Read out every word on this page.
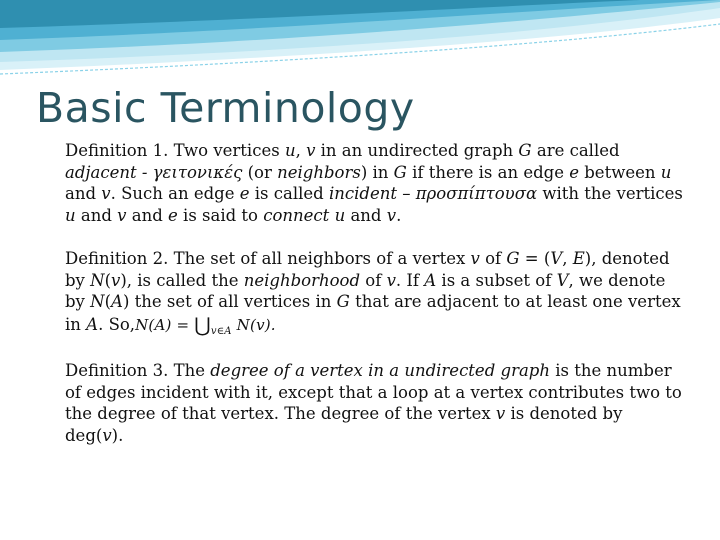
Basic Terminology

Definition 1. Two vertices u, v in an undirected graph G are called adjacent - γειτονικές (or neighbors) in G if there is an edge e between u and v. Such an edge e is called incident – προσπίπτουσα with the vertices u and v and e is said to connect u and v.

Definition 2. The set of all neighbors of a vertex v of G = (V, E), denoted by N(v), is called the neighborhood of v. If A is a subset of V, we denote by N(A) the set of all vertices in G that are adjacent to at least one vertex in A. $So,N(A) = ⋃_{v\in A}$ N(v).

Definition 3. The degree of a vertex in a undirected graph is the number of edges incident with it, except that a loop at a vertex contributes two to the degree of that vertex. The degree of the vertex v is denoted by deg(v).
